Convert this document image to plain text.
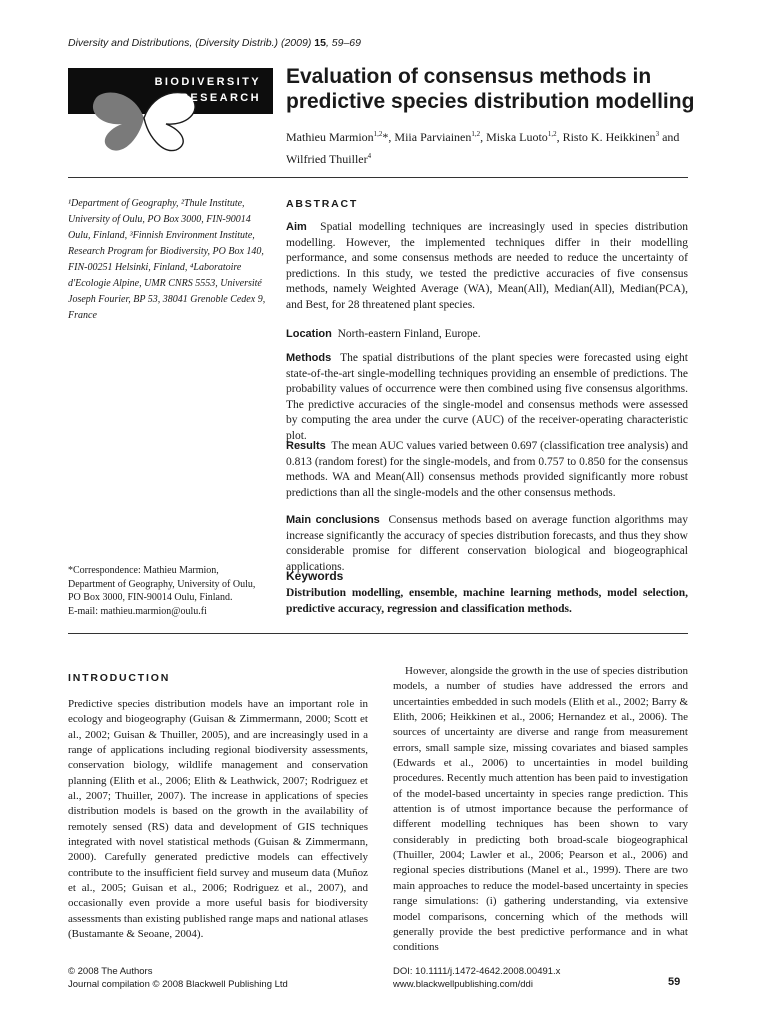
Diversity and Distributions, (Diversity Distrib.) (2009) 15, 59–69
BIODIVERSITY
RESEARCH
Evaluation of consensus methods in predictive species distribution modelling
Mathieu Marmion$^{1,2}$*, Miia Parviainen$^{1,2}$, Miska Luoto$^{1,2}$, Risto K. Heikkinen$^3$ and Wilfried Thuiller$^4$
¹Department of Geography, ²Thule Institute, University of Oulu, PO Box 3000, FIN-90014 Oulu, Finland, ³Finnish Environment Institute, Research Program for Biodiversity, PO Box 140, FIN-00251 Helsinki, Finland, ⁴Laboratoire d'Ecologie Alpine, UMR CNRS 5553, Université Joseph Fourier, BP 53, 38041 Grenoble Cedex 9, France
*Correspondence: Mathieu Marmion,
Department of Geography, University of Oulu,
PO Box 3000, FIN-90014 Oulu, Finland.
E-mail: mathieu.marmion@oulu.fi
ABSTRACT
Aim Spatial modelling techniques are increasingly used in species distribution modelling. However, the implemented techniques differ in their modelling performance, and some consensus methods are needed to reduce the uncertainty of predictions. In this study, we tested the predictive accuracies of five consensus methods, namely Weighted Average (WA), Mean(All), Median(All), Median(PCA), and Best, for 28 threatened plant species.
Location North-eastern Finland, Europe.
Methods The spatial distributions of the plant species were forecasted using eight state-of-the-art single-modelling techniques providing an ensemble of predictions. The probability values of occurrence were then combined using five consensus algorithms. The predictive accuracies of the single-model and consensus methods were assessed by computing the area under the curve (AUC) of the receiver-operating characteristic plot.
Results The mean AUC values varied between 0.697 (classification tree analysis) and 0.813 (random forest) for the single-models, and from 0.757 to 0.850 for the consensus methods. WA and Mean(All) consensus methods provided significantly more robust predictions than all the single-models and the other consensus methods.
Main conclusions Consensus methods based on average function algorithms may increase significantly the accuracy of species distribution forecasts, and thus they show considerable promise for different conservation biological and biogeographical applications.
Keywords
Distribution modelling, ensemble, machine learning methods, model selection, predictive accuracy, regression and classification methods.
INTRODUCTION
Predictive species distribution models have an important role in ecology and biogeography (Guisan & Zimmermann, 2000; Scott et al., 2002; Guisan & Thuiller, 2005), and are increasingly used in a range of applications including regional biodiversity assessments, conservation biology, wildlife management and conservation planning (Elith et al., 2006; Elith & Leathwick, 2007; Rodriguez et al., 2007; Thuiller, 2007). The increase in applications of species distribution models is based on the growth in the availability of remotely sensed (RS) data and development of GIS techniques integrated with novel statistical methods (Guisan & Zimmermann, 2000). Carefully generated predictive models can effectively contribute to the insufficient field survey and museum data (Muñoz et al., 2005; Guisan et al., 2006; Rodriguez et al., 2007), and occasionally even provide a more useful basis for biodiversity assessments than existing published range maps and national atlases (Bustamante & Seoane, 2004).
However, alongside the growth in the use of species distribution models, a number of studies have addressed the errors and uncertainties embedded in such models (Elith et al., 2002; Barry & Elith, 2006; Heikkinen et al., 2006; Hernandez et al., 2006). The sources of uncertainty are diverse and range from measurement errors, small sample size, missing covariates and biased samples (Edwards et al., 2006) to uncertainties in model building procedures. Recently much attention has been paid to investigation of the model-based uncertainty in species range prediction. This attention is of utmost importance because the performance of different modelling techniques has been shown to vary considerably in predicting both broad-scale biogeographical (Thuiller, 2004; Lawler et al., 2006; Pearson et al., 2006) and regional species distributions (Manel et al., 1999). There are two main approaches to reduce the model-based uncertainty in species range simulations: (i) gathering understanding, via extensive model comparisons, concerning which of the methods will generally provide the best predictive performance and in what conditions
© 2008 The Authors
Journal compilation © 2008 Blackwell Publishing Ltd
DOI: 10.1111/j.1472-4642.2008.00491.x
www.blackwellpublishing.com/ddi	59
